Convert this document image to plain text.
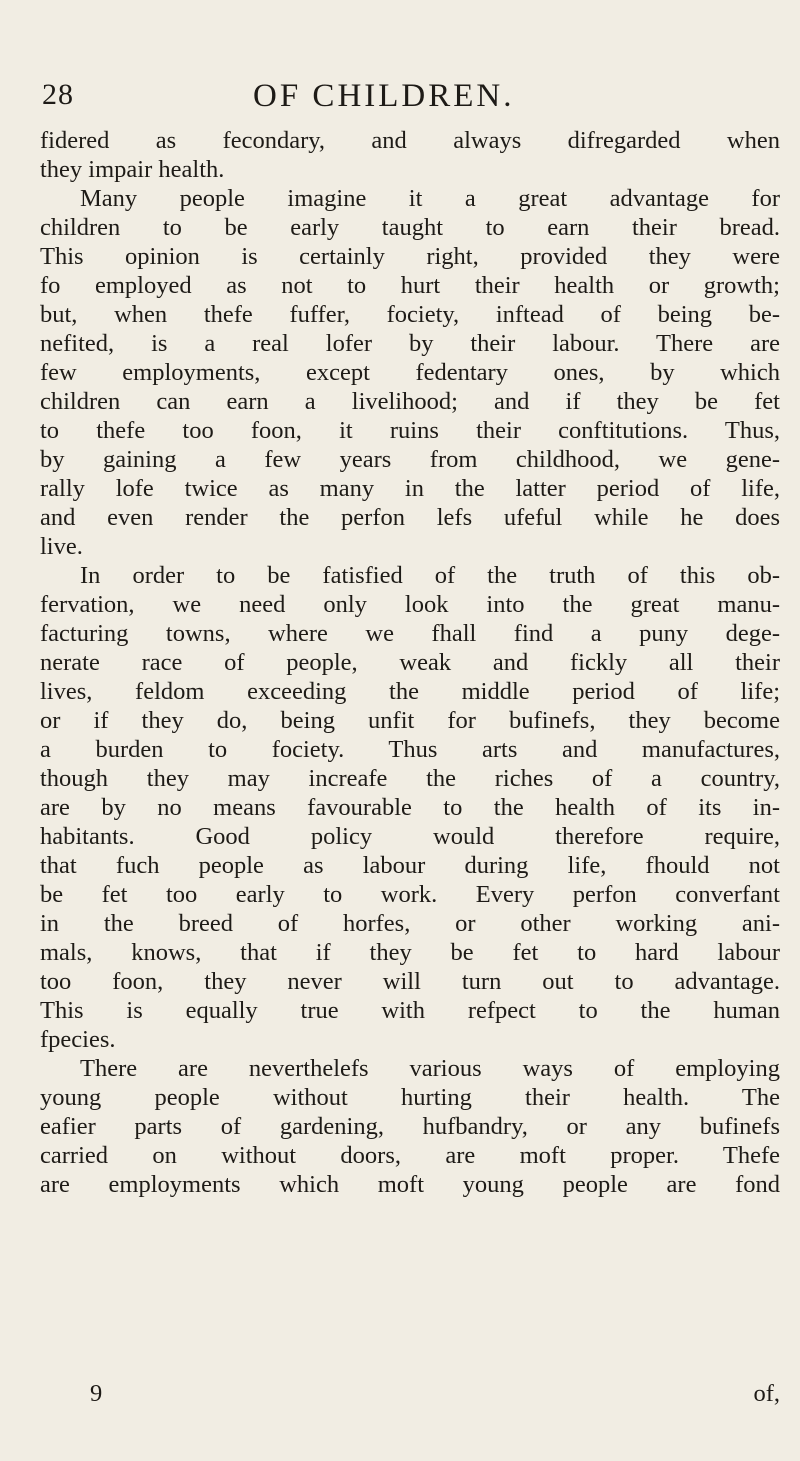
28	OF CHILDREN.
fidered as fecondary, and always difregarded when
they impair health.
Many people imagine it a great advantage for
children to be early taught to earn their bread.
This opinion is certainly right, provided they were
fo employed as not to hurt their health or growth;
but, when thefe fuffer, fociety, inftead of being be-
nefited, is a real lofer by their labour. There are
few employments, except fedentary ones, by which
children can earn a livelihood; and if they be fet
to thefe too foon, it ruins their conftitutions. Thus,
by gaining a few years from childhood, we gene-
rally lofe twice as many in the latter period of life,
and even render the perfon lefs ufeful while he does
live.
In order to be fatisfied of the truth of this ob-
fervation, we need only look into the great manu-
facturing towns, where we fhall find a puny dege-
nerate race of people, weak and fickly all their
lives, feldom exceeding the middle period of life;
or if they do, being unfit for bufinefs, they become
a burden to fociety. Thus arts and manufactures,
though they may increafe the riches of a country,
are by no means favourable to the health of its in-
habitants. Good policy would therefore require,
that fuch people as labour during life, fhould not
be fet too early to work. Every perfon converfant
in the breed of horfes, or other working ani-
mals, knows, that if they be fet to hard labour
too foon, they never will turn out to advantage.
This is equally true with refpect to the human
fpecies.
There are neverthelefs various ways of employing
young people without hurting their health. The
eafier parts of gardening, hufbandry, or any bufinefs
carried on without doors, are moft proper. Thefe
are employments which moft young people are fond
9	of,
